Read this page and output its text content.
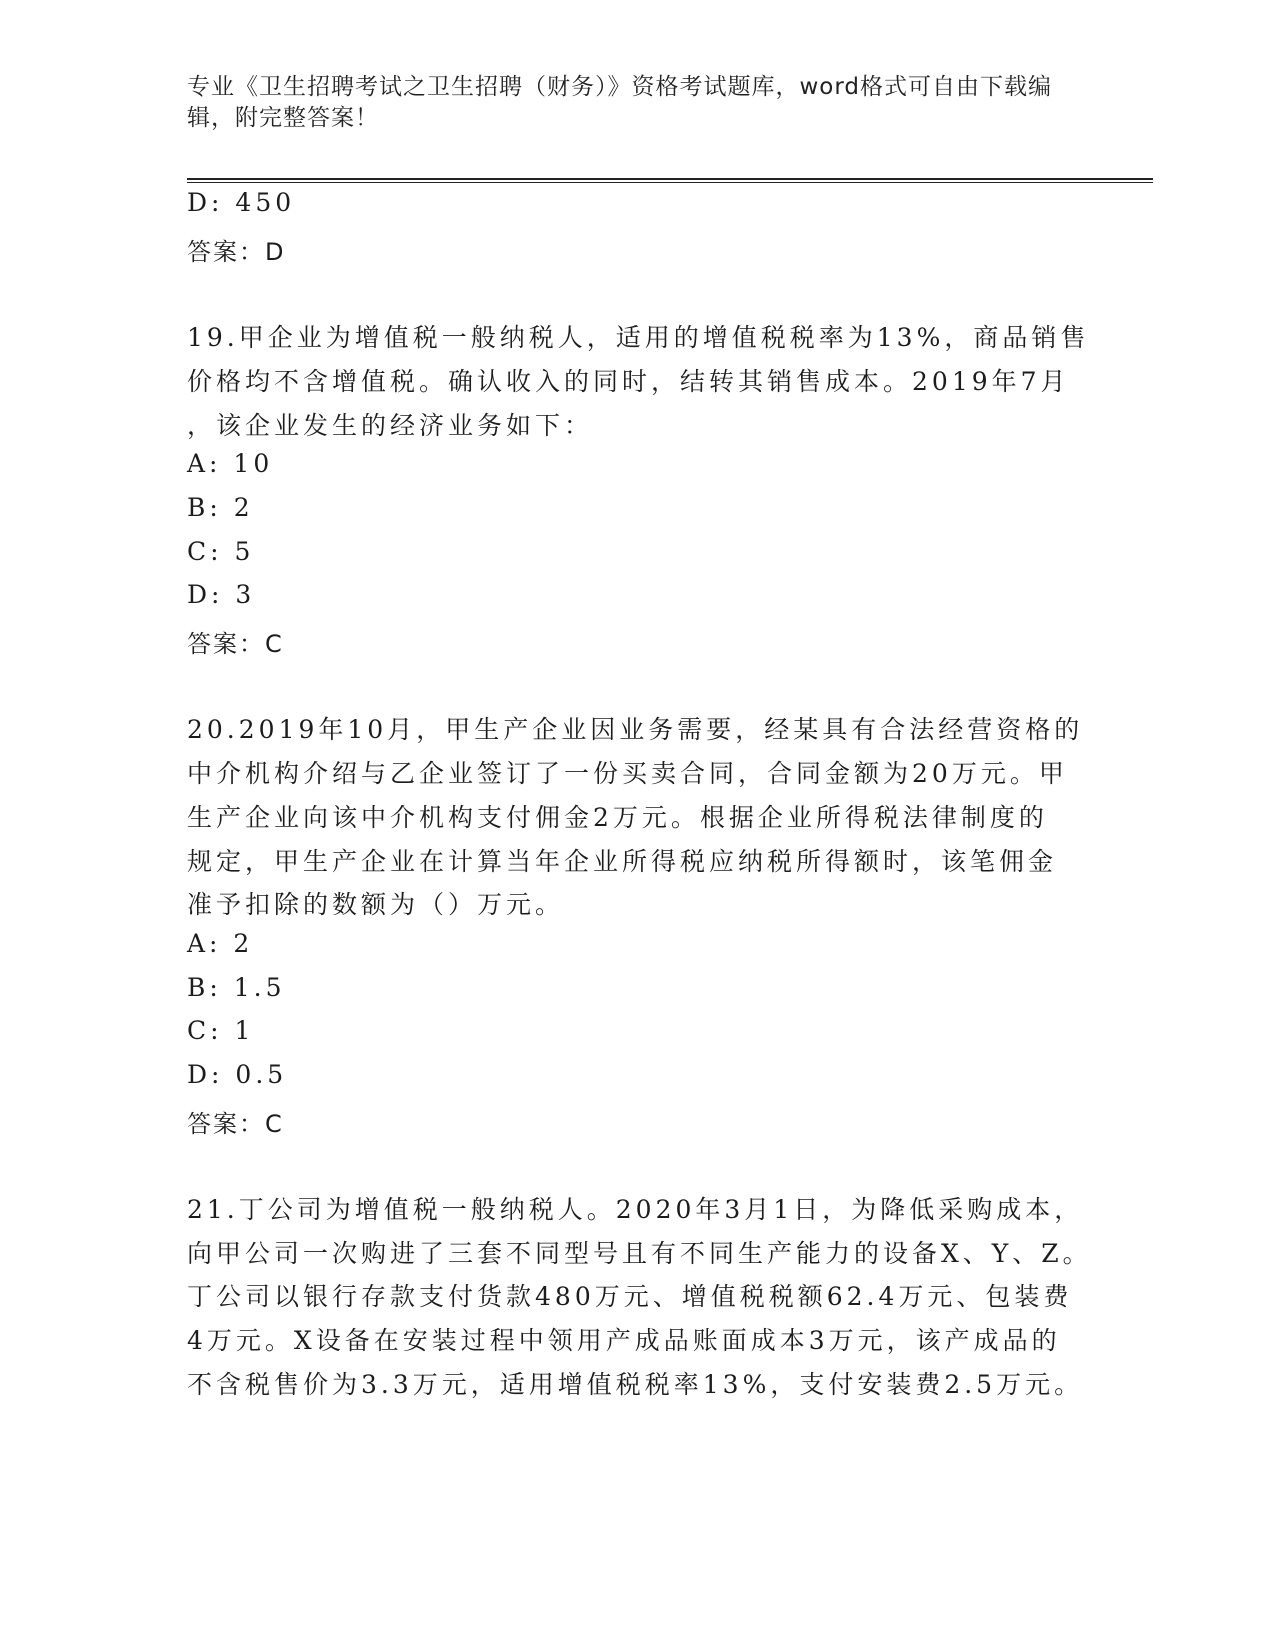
专业《卫生招聘考试之卫生招聘（财务）》资格考试题库，word格式可自由下载编辑，附完整答案！
D: 450
答案：D
19.甲企业为增值税一般纳税人，适用的增值税税率为13%，商品销售
价格均不含增值税。确认收入的同时，结转其销售成本。2019年7月
，该企业发生的经济业务如下：
A: 10
B: 2
C: 5
D: 3
答案：C
20.2019年10月，甲生产企业因业务需要，经某具有合法经营资格的
中介机构介绍与乙企业签订了一份买卖合同，合同金额为20万元。甲
生产企业向该中介机构支付佣金2万元。根据企业所得税法律制度的
规定，甲生产企业在计算当年企业所得税应纳税所得额时，该笔佣金
准予扣除的数额为（）万元。
A: 2
B: 1.5
C: 1
D: 0.5
答案：C
21.丁公司为增值税一般纳税人。2020年3月1日，为降低采购成本，
向甲公司一次购进了三套不同型号且有不同生产能力的设备X、Y、Z。
丁公司以银行存款支付货款480万元、增值税税额62.4万元、包装费
4万元。X设备在安装过程中领用产成品账面成本3万元，该产成品的
不含税售价为3.3万元，适用增值税税率13%，支付安装费2.5万元。
